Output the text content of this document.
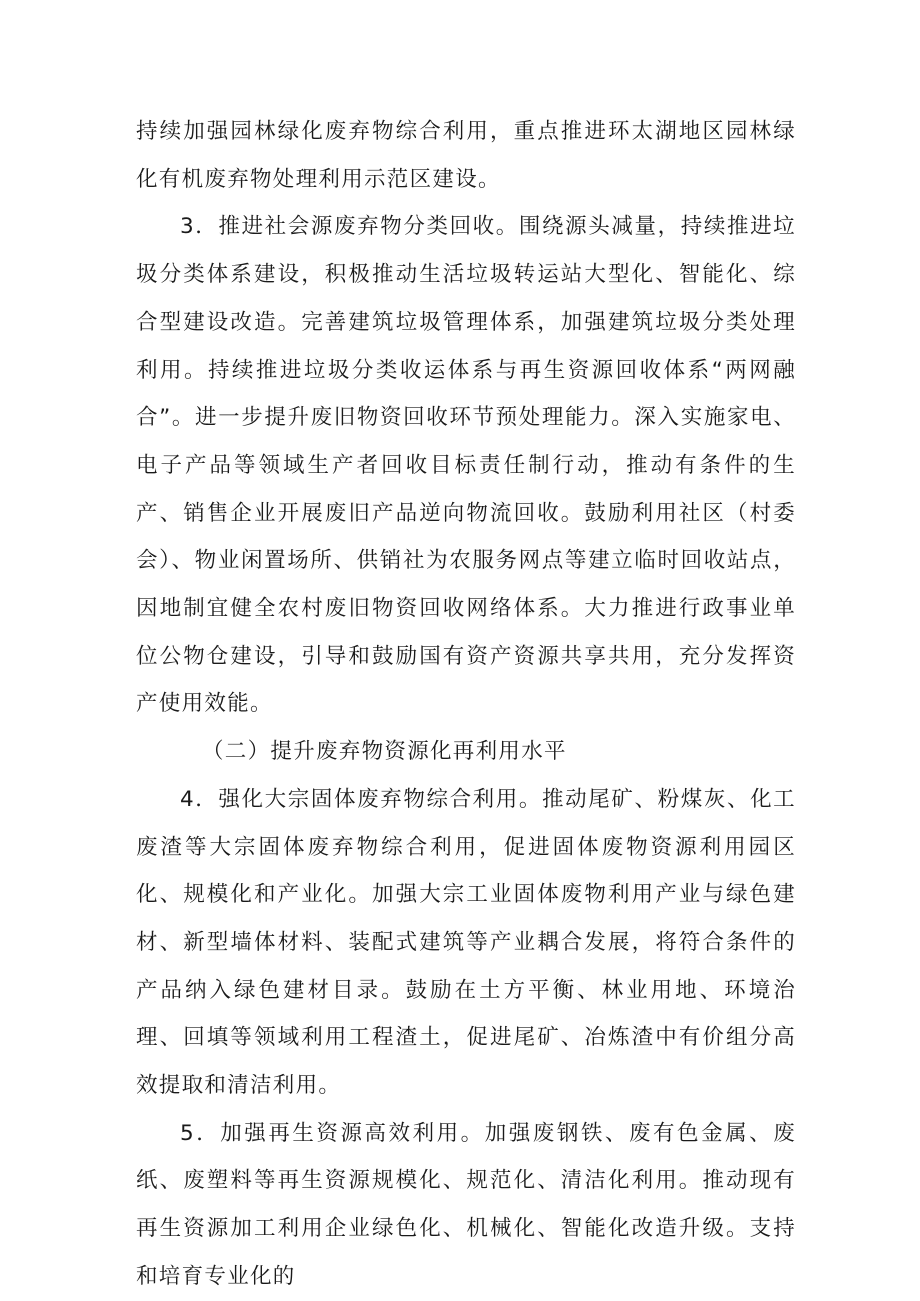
持续加强园林绿化废弃物综合利用，重点推进环太湖地区园林绿化有机废弃物处理利用示范区建设。

3．推进社会源废弃物分类回收。围绕源头减量，持续推进垃圾分类体系建设，积极推动生活垃圾转运站大型化、智能化、综合型建设改造。完善建筑垃圾管理体系，加强建筑垃圾分类处理利用。持续推进垃圾分类收运体系与再生资源回收体系“两网融合”。进一步提升废旧物资回收环节预处理能力。深入实施家电、电子产品等领域生产者回收目标责任制行动，推动有条件的生产、销售企业开展废旧产品逆向物流回收。鼓励利用社区（村委会）、物业闲置场所、供销社为农服务网点等建立临时回收站点，因地制宜健全农村废旧物资回收网络体系。大力推进行政事业单位公物仓建设，引导和鼓励国有资产资源共享共用，充分发挥资产使用效能。

（二）提升废弃物资源化再利用水平

4．强化大宗固体废弃物综合利用。推动尾矿、粉煤灰、化工废渣等大宗固体废弃物综合利用，促进固体废物资源利用园区化、规模化和产业化。加强大宗工业固体废物利用产业与绿色建材、新型墙体材料、装配式建筑等产业耦合发展，将符合条件的产品纳入绿色建材目录。鼓励在土方平衡、林业用地、环境治理、回填等领域利用工程渣土，促进尾矿、冶炼渣中有价组分高效提取和清洁利用。

5．加强再生资源高效利用。加强废钢铁、废有色金属、废纸、废塑料等再生资源规模化、规范化、清洁化利用。推动现有再生资源加工利用企业绿色化、机械化、智能化改造升级。支持和培育专业化的
